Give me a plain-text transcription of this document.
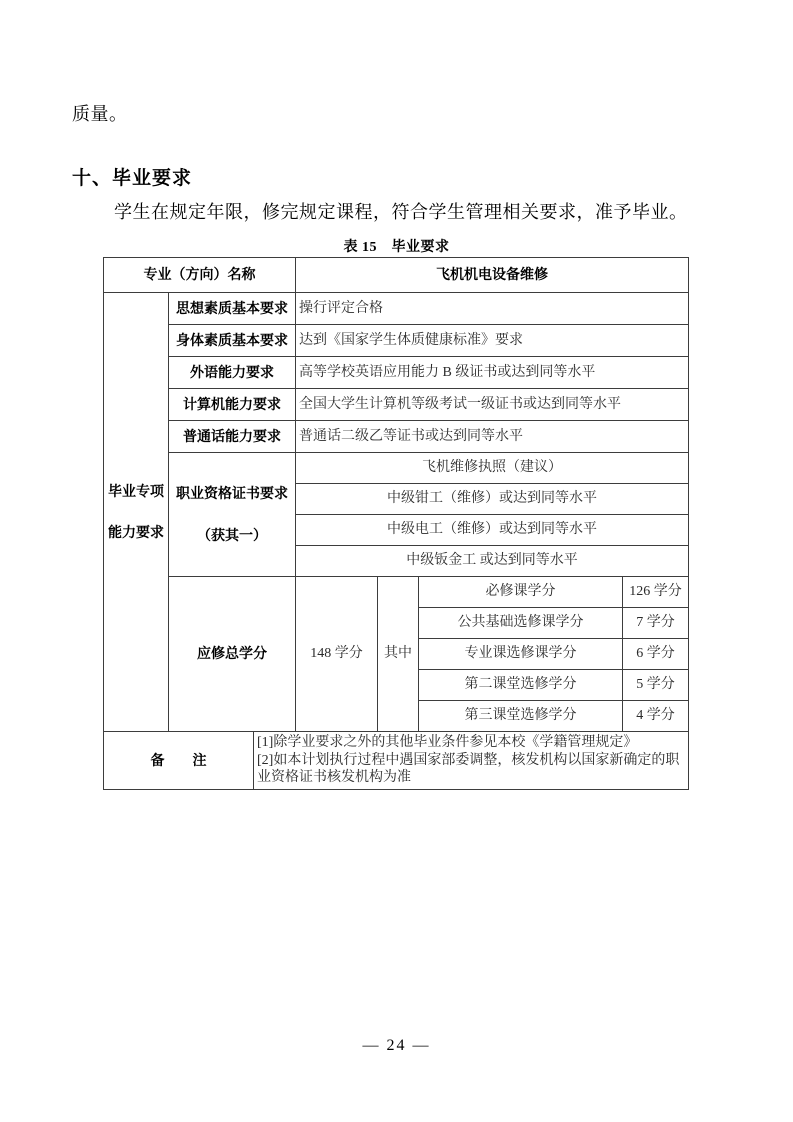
质量。
十、毕业要求

学生在规定年限，修完规定课程，符合学生管理相关要求，准予毕业。

表 15　毕业要求
专业（方向）名称			飞机机电设备维修			

毕业专项
能力要求	思想素质基本要求		操行评定合格			
	身体素质基本要求		达到《国家学生体质健康标准》要求			
	外语能力要求		高等学校英语应用能力 B 级证书或达到同等水平			
	计算机能力要求		全国大学生计算机等级考试一级证书或达到同等水平			
	普通话能力要求		普通话二级乙等证书或达到同等水平			

	职业资格证书要求
（获其一）		飞机维修执照（建议）			
			中级钳工（维修）或达到同等水平			
			中级电工（维修）或达到同等水平			
			中级钣金工 或达到同等水平			
	应修总学分		148 学分	其中	必修课学分	126 学分
					公共基础选修课学分	7 学分
					专业课选修课学分	6 学分
					第二课堂选修学分	5 学分
					第三课堂选修学分	4 学分
备　　注		[1]除学业要求之外的其他毕业条件参见本校《学籍管理规定》
[2]如本计划执行过程中遇国家部委调整，核发机构以国家新确定的职业资格证书核发机构为准				
— 24 —
